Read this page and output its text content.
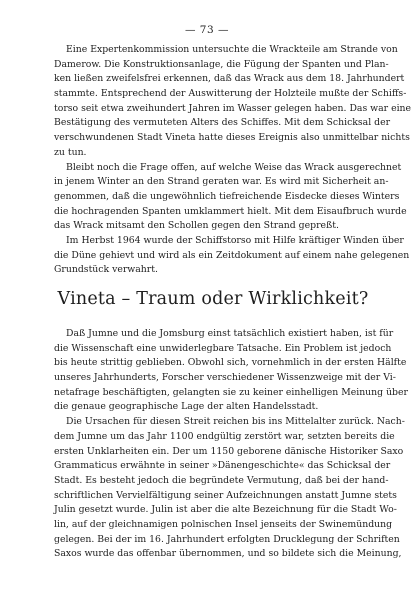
— 73 —

Eine Expertenkommission untersuchte die Wrackteile am Strande von
Damerow. Die Konstruktionsanlage, die Fügung der Spanten und Plan-
ken ließen zweifelsfrei erkennen, daß das Wrack aus dem 18. Jahrhundert
stammte. Entsprechend der Auswitterung der Holzteile mußte der Schiffs-
torso seit etwa zweihundert Jahren im Wasser gelegen haben. Das war eine
Bestätigung des vermuteten Alters des Schiffes. Mit dem Schicksal der
verschwundenen Stadt Vineta hatte dieses Ereignis also unmittelbar nichts
zu tun.

Bleibt noch die Frage offen, auf welche Weise das Wrack ausgerechnet
in jenem Winter an den Strand geraten war. Es wird mit Sicherheit an-
genommen, daß die ungewöhnlich tiefreichende Eisdecke dieses Winters
die hochragenden Spanten umklammert hielt. Mit dem Eisaufbruch wurde
das Wrack mitsamt den Schollen gegen den Strand gepreßt.

Im Herbst 1964 wurde der Schiffstorso mit Hilfe kräftiger Winden über
die Düne gehievt und wird als ein Zeitdokument auf einem nahe gelegenen
Grundstück verwahrt.

Vineta – Traum oder Wirklichkeit?

Daß Jumne und die Jomsburg einst tatsächlich existiert haben, ist für
die Wissenschaft eine unwiderlegbare Tatsache. Ein Problem ist jedoch
bis heute strittig geblieben. Obwohl sich, vornehmlich in der ersten Hälfte
unseres Jahrhunderts, Forscher verschiedener Wissenzweige mit der Vi-
netafrage beschäftigten, gelangten sie zu keiner einhelligen Meinung über
die genaue geographische Lage der alten Handelsstadt.

Die Ursachen für diesen Streit reichen bis ins Mittelalter zurück. Nach-
dem Jumne um das Jahr 1100 endgültig zerstört war, setzten bereits die
ersten Unklarheiten ein. Der um 1150 geborene dänische Historiker Saxo
Grammaticus erwähnte in seiner »Dänengeschichte« das Schicksal der
Stadt. Es besteht jedoch die begründete Vermutung, daß bei der hand-
schriftlichen Vervielfältigung seiner Aufzeichnungen anstatt Jumne stets
Julin gesetzt wurde. Julin ist aber die alte Bezeichnung für die Stadt Wo-
lin, auf der gleichnamigen polnischen Insel jenseits der Swinemündung
gelegen. Bei der im 16. Jahrhundert erfolgten Drucklegung der Schriften
Saxos wurde das offenbar übernommen, und so bildete sich die Meinung,
